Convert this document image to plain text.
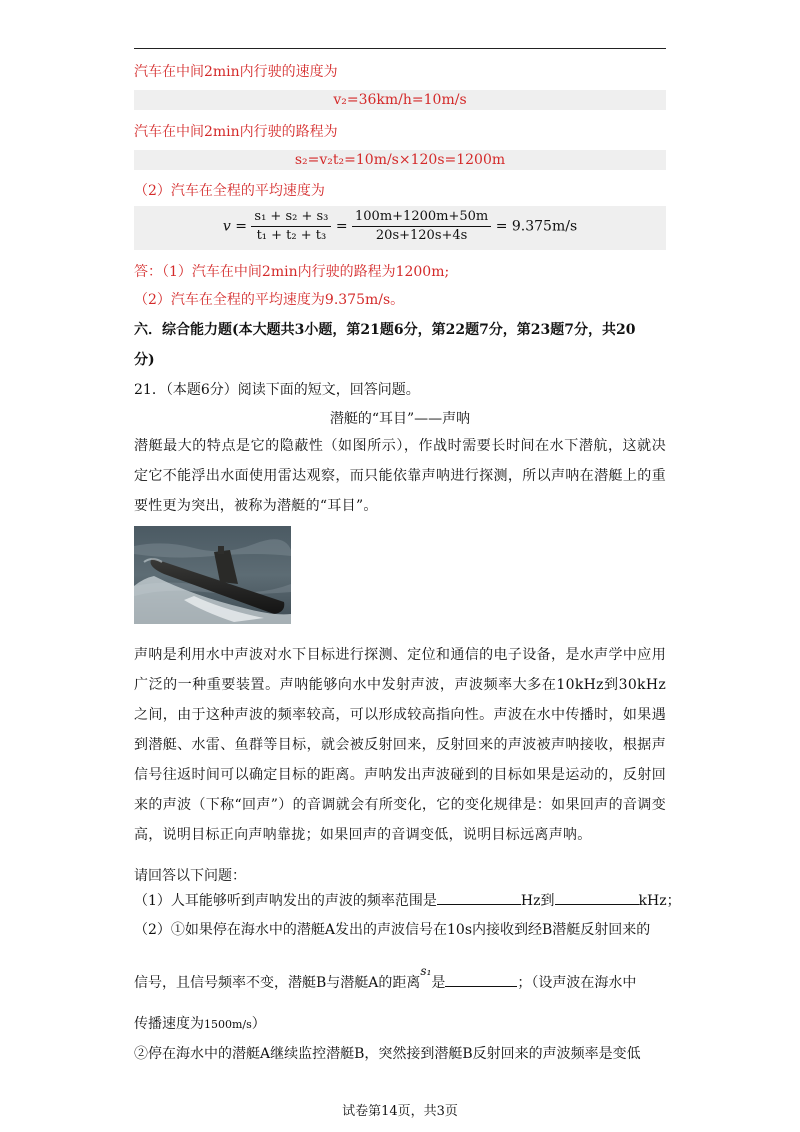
汽车在中间2min内行驶的速度为
v₂=36km/h=10m/s
汽车在中间2min内行驶的路程为
s₂=v₂t₂=10m/s×120s=1200m
（2）汽车在全程的平均速度为
$v = \frac{\text{s₁ + s₂ + s₃}}{\text{t₁ + t₂ + t₃}} = \frac{100m+1200m+50m}{20s+120s+4s} = 9.375m/s$
答：（1）汽车在中间2min内行驶的路程为1200m;
（2）汽车在全程的平均速度为9.375m/s。
六．综合能力题(本大题共3小题，第21题6分，第22题7分，第23题7分，共20
分)
21．（本题6分）阅读下面的短文，回答问题。
潜艇的“耳目”——声呐
潜艇最大的特点是它的隐蔽性（如图所示），作战时需要长时间在水下潜航，这就决定它不能浮出水面使用雷达观察，而只能依靠声呐进行探测，所以声呐在潜艇上的重要性更为突出，被称为潜艇的“耳目”。
声呐是利用水中声波对水下目标进行探测、定位和通信的电子设备，是水声学中应用广泛的一种重要装置。声呐能够向水中发射声波，声波频率大多在10kHz到30kHz之间，由于这种声波的频率较高，可以形成较高指向性。声波在水中传播时，如果遇到潜艇、水雷、鱼群等目标，就会被反射回来，反射回来的声波被声呐接收，根据声信号往返时间可以确定目标的距离。声呐发出声波碰到的目标如果是运动的，反射回来的声波（下称“回声”）的音调就会有所变化，它的变化规律是：如果回声的音调变高，说明目标正向声呐靠拢；如果回声的音调变低，说明目标远离声呐。
请回答以下问题：
（1）人耳能够听到声呐发出的声波的频率范围是	Hz到	kHz；
（2）①如果停在海水中的潜艇A发出的声波信号在10s内接收到经B潜艇反射回来的
信号，且信号频率不变，潜艇B与潜艇A的距离s₁是	；（设声波在海水中
传播速度为1500m/s）
②停在海水中的潜艇A继续监控潜艇B，突然接到潜艇B反射回来的声波频率是变低
试卷第14页，共3页
